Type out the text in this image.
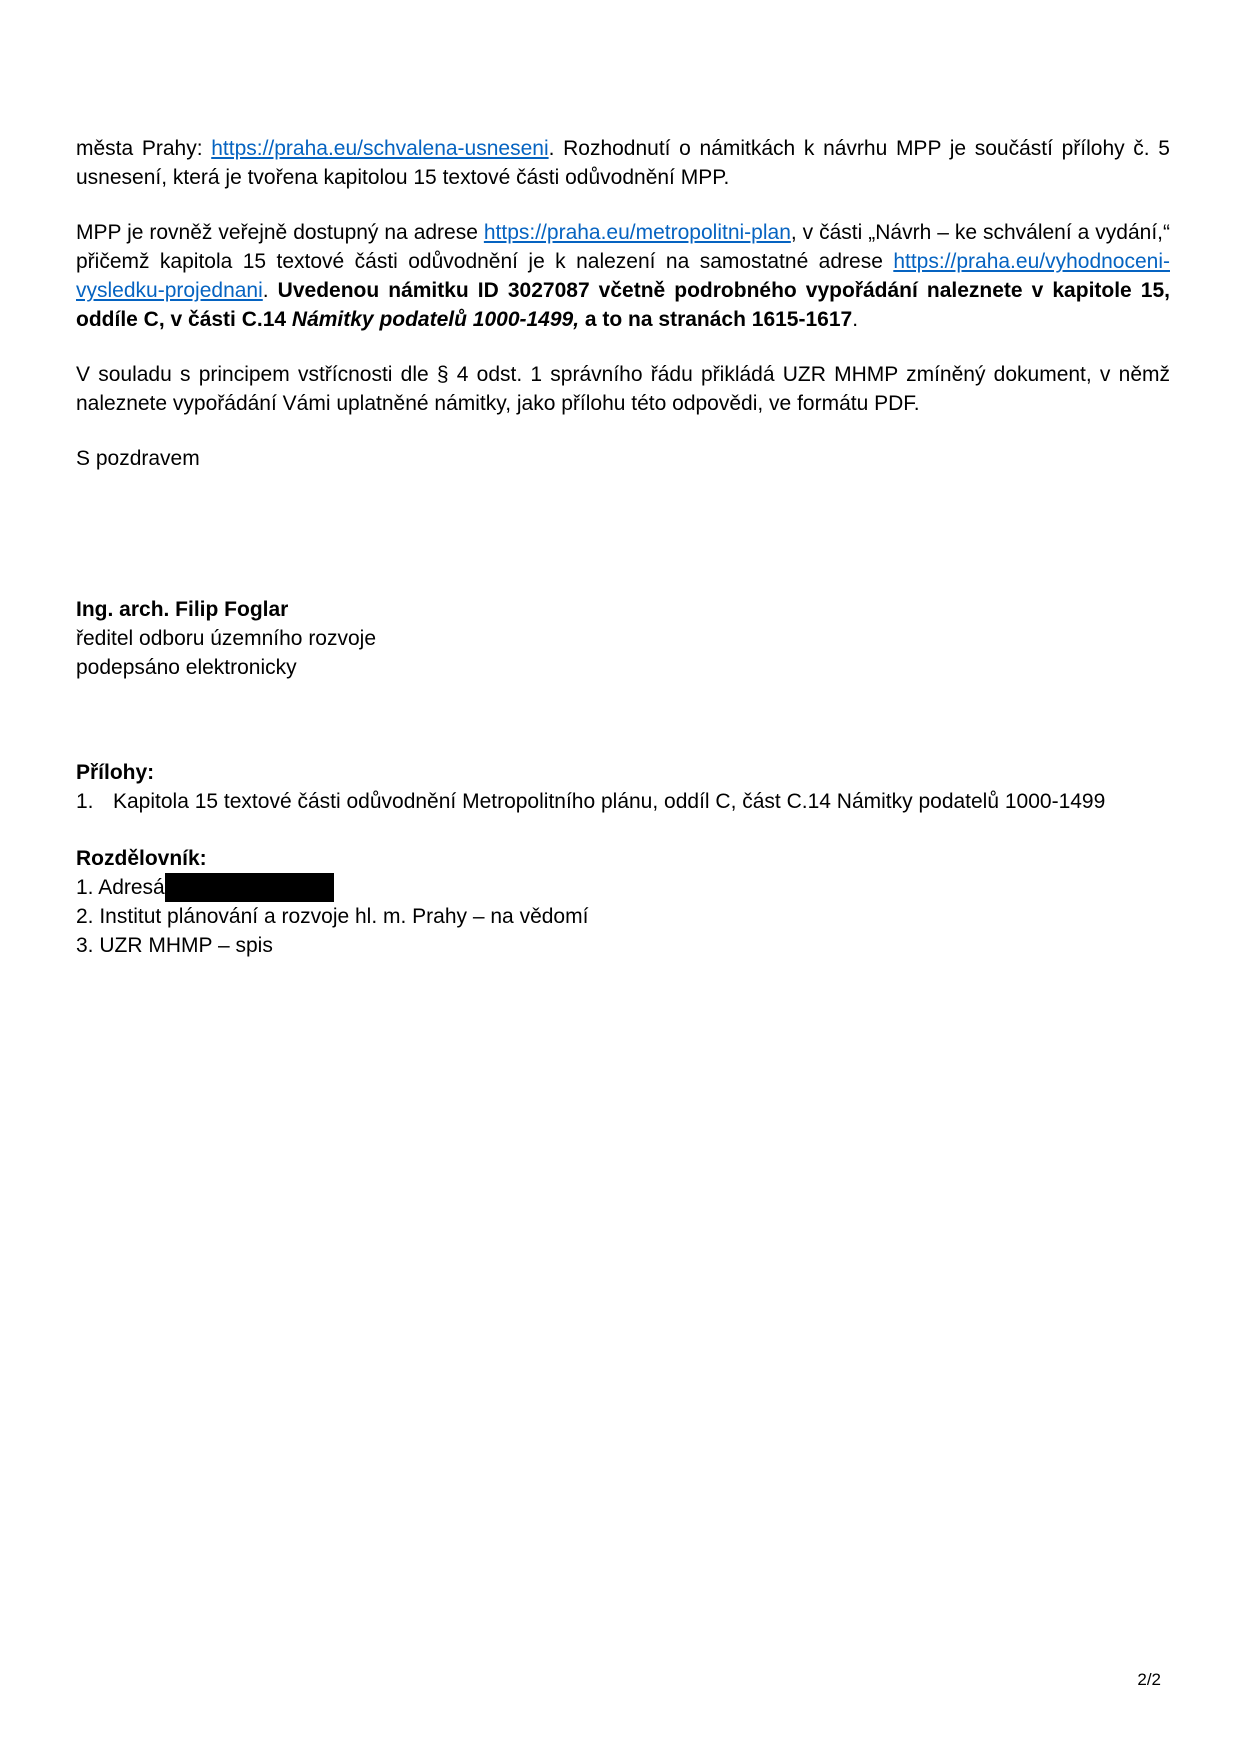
města Prahy: https://praha.eu/schvalena-usneseni. Rozhodnutí o námitkách k návrhu MPP je součástí přílohy č. 5 usnesení, která je tvořena kapitolou 15 textové části odůvodnění MPP.

MPP je rovněž veřejně dostupný na adrese https://praha.eu/metropolitni-plan, v části „Návrh – ke schválení a vydání,“ přičemž kapitola 15 textové části odůvodnění je k nalezení na samostatné adrese https://praha.eu/vyhodnoceni-vysledku-projednani. Uvedenou námitku ID 3027087 včetně podrobného vypořádání naleznete v kapitole 15, oddíle C, v části C.14 Námitky podatelů 1000-1499, a to na stranách 1615-1617.

V souladu s principem vstřícnosti dle § 4 odst. 1 správního řádu přikládá UZR MHMP zmíněný dokument, v němž naleznete vypořádání Vámi uplatněné námitky, jako přílohu této odpovědi, ve formátu PDF.

S pozdravem

Ing. arch. Filip Foglar
ředitel odboru územního rozvoje
podepsáno elektronicky
Přílohy:
1. Kapitola 15 textové části odůvodnění Metropolitního plánu, oddíl C, část C.14 Námitky podatelů 1000-1499
Rozdělovník:
1. Adresá
2. Institut plánování a rozvoje hl. m. Prahy – na vědomí
3. UZR MHMP – spis
2/2
